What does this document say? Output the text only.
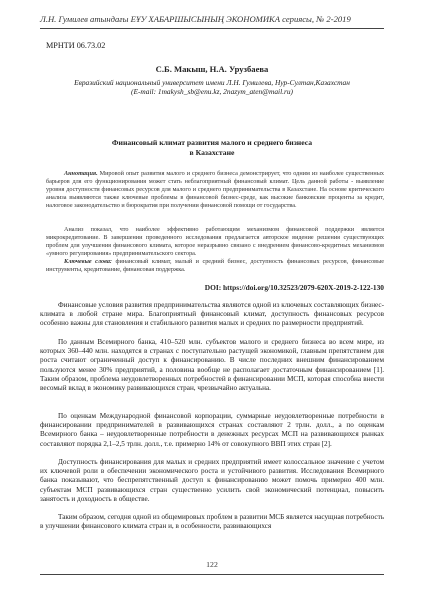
Л.Н. Гумилев атындағы ЕҰУ ХАБАРШЫСЫНЫҢ ЭКОНОМИКА сериясы, № 2-2019
МРНТИ 06.73.02
С.Б. Макыш, Н.А. Урузбаева
Евразийский национальный университет имени Л.Н. Гумилева, Нур-Султан,Казахстан
(E-mail: 1makysh_sb@enu.kz, 2nazym_aten@mail.ru)
Финансовый климат развития малого и среднего бизнеса
в Казахстане
Аннотация. Мировой опыт развития малого и среднего бизнеса демонстрирует, что одним из наиболее существенных барьеров для его функционирования может стать неблагоприятный финансовый климат. Цель данной работы - выявление уровня доступности финансовых ресурсов для малого и среднего предпринимательства в Казахстане. На основе критического анализа выявляются также ключевые проблемы в финансовой бизнес-среде, как высокие банковские проценты за кредит, налоговое законодательство и бюрократия при получении финансовой помощи от государства.
Анализ показал, что наиболее эффективно работающим механизмом финансовой поддержки является микрокредитование. В завершении проведенного исследования предлагается авторское видение решения существующих проблем для улучшения финансового климата, которое неразрывно связано с внедрением финансово-кредитных механизмов «умного регулирования» предпринимательского сектора.
Ключевые слова: финансовый климат, малый и средний бизнес, доступность финансовых ресурсов, финансовые инструменты, кредитование, финансовая поддержка.
DOI: https://doi.org/10.32523/2079-620X-2019-2-122-130
Финансовые условия развития предпринимательства являются одной из ключевых составляющих бизнес-климата в любой стране мира. Благоприятный финансовый климат, доступность финансовых ресурсов особенно важны для становления и стабильного развития малых и средних по размерности предприятий.
По данным Всемирного банка, 410–520 млн. субъектов малого и среднего бизнеса во всем мире, из которых 360–440 млн. находятся в странах с поступательно растущей экономикой, главным препятствием для роста считают ограниченный доступ к финансированию. В числе последних внешним финансированием пользуются менее 30% предприятий, а половина вообще не располагает достаточным финансированием [1]. Таким образом, проблема неудовлетворенных потребностей в финансировании МСП, которая способна внести весомый вклад в экономику развивающихся стран, чрезвычайно актуальна.
По оценкам Международной финансовой корпорации, суммарные неудовлетворенные потребности в финансировании предпринимателей в развивающихся странах составляют 2 трлн. долл., а по оценкам Всемирного банка – неудовлетворенные потребности в денежных ресурсах МСП на развивающихся рынках составляют порядка 2,1–2,5 трлн. долл., т.е. примерно 14% от совокупного ВВП этих стран [2].
Доступность финансирования для малых и средних предприятий имеет колоссальное значение с учетом их ключевой роли в обеспечении экономического роста и устойчивого развития. Исследования Всемирного банка показывают, что беспрепятственный доступ к финансированию может помочь примерно 400 млн. субъектам МСП развивающихся стран существенно усилить свой экономический потенциал, повысить занятость и доходность в обществе.
Таким образом, сегодня одной из общемировых проблем в развитии МСБ является насущная потребность в улучшении финансового климата стран и, в особенности, развивающихся
122
